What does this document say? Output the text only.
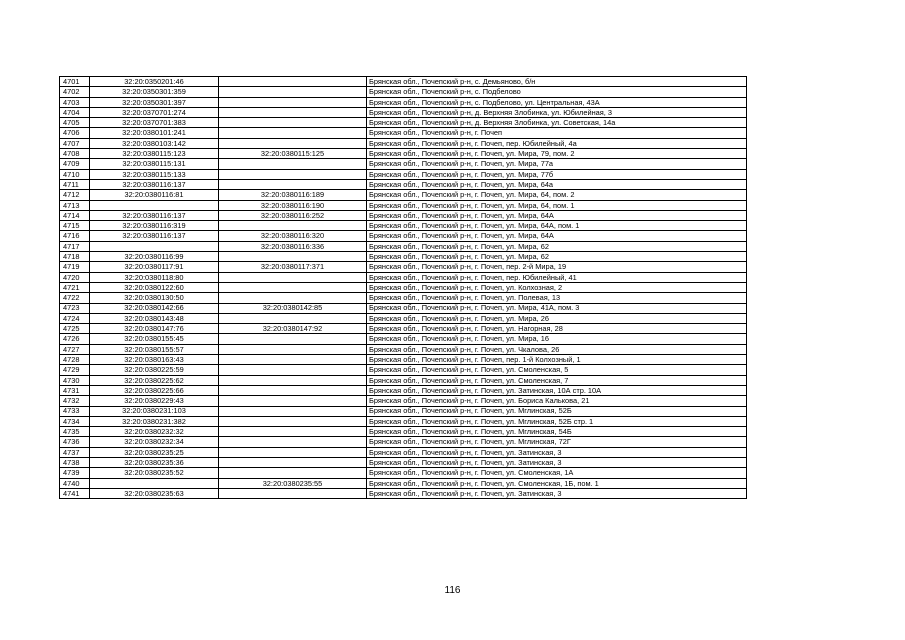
4701	32:20:0350201:46		Брянская обл., Почепский р-н, с. Демьяново, б/н
4702	32:20:0350301:359		Брянская обл., Почепский р-н, с. Подбелово
4703	32:20:0350301:397		Брянская обл., Почепский р-н, с. Подбелово, ул. Центральная, 43А
4704	32:20:0370701:274		Брянская обл., Почепский р-н, д. Верхняя Злобинка, ул. Юбилейная, 3
4705	32:20:0370701:383		Брянская обл., Почепский р-н, д. Верхняя Злобинка, ул. Советская, 14а
4706	32:20:0380101:241		Брянская обл., Почепский р-н, г. Почеп
4707	32:20:0380103:142		Брянская обл., Почепский р-н, г. Почеп, пер. Юбилейный, 4а
4708	32:20:0380115:123	32:20:0380115:125	Брянская обл., Почепский р-н, г. Почеп, ул. Мира, 79, пом. 2
4709	32:20:0380115:131		Брянская обл., Почепский р-н, г. Почеп, ул. Мира, 77а
4710	32:20:0380115:133		Брянская обл., Почепский р-н, г. Почеп, ул. Мира, 77б
4711	32:20:0380116:137		Брянская обл., Почепский р-н, г. Почеп, ул. Мира, 64а
4712	32:20:0380116:81	32:20:0380116:189	Брянская обл., Почепский р-н, г. Почеп, ул. Мира, 64, пом. 2
4713		32:20:0380116:190	Брянская обл., Почепский р-н, г. Почеп, ул. Мира, 64, пом. 1
4714	32:20:0380116:137	32:20:0380116:252	Брянская обл., Почепский р-н, г. Почеп, ул. Мира, 64А
4715	32:20:0380116:319		Брянская обл., Почепский р-н, г. Почеп, ул. Мира, 64А, пом. 1
4716	32:20:0380116:137	32:20:0380116:320	Брянская обл., Почепский р-н, г. Почеп, ул. Мира, 64А
4717		32:20:0380116:336	Брянская обл., Почепский р-н, г. Почеп, ул. Мира, 62
4718	32:20:0380116:99		Брянская обл., Почепский р-н, г. Почеп, ул. Мира, 62
4719	32:20:0380117:91	32:20:0380117:371	Брянская обл., Почепский р-н, г. Почеп, пер. 2-й Мира, 19
4720	32:20:0380118:80		Брянская обл., Почепский р-н, г. Почеп, пер. Юбилейный, 41
4721	32:20:0380122:60		Брянская обл., Почепский р-н, г. Почеп, ул. Колхозная, 2
4722	32:20:0380130:50		Брянская обл., Почепский р-н, г. Почеп, ул. Полевая, 13
4723	32:20:0380142:66	32:20:0380142:85	Брянская обл., Почепский р-н, г. Почеп, ул. Мира, 41А, пом. 3
4724	32:20:0380143:48		Брянская обл., Почепский р-н, г. Почеп, ул. Мира, 26
4725	32:20:0380147:76	32:20:0380147:92	Брянская обл., Почепский р-н, г. Почеп, ул. Нагорная, 28
4726	32:20:0380155:45		Брянская обл., Почепский р-н, г. Почеп, ул. Мира, 16
4727	32:20:0380155:57		Брянская обл., Почепский р-н, г. Почеп, ул. Чкалова, 26
4728	32:20:0380163:43		Брянская обл., Почепский р-н, г. Почеп, пер. 1-й Колхозный, 1
4729	32:20:0380225:59		Брянская обл., Почепский р-н, г. Почеп, ул. Смоленская, 5
4730	32:20:0380225:62		Брянская обл., Почепский р-н, г. Почеп, ул. Смоленская, 7
4731	32:20:0380225:66		Брянская обл., Почепский р-н, г. Почеп, ул. Затинская, 10А стр. 10А
4732	32:20:0380229:43		Брянская обл., Почепский р-н, г. Почеп, ул. Бориса Калькова, 21
4733	32:20:0380231:103		Брянская обл., Почепский р-н, г. Почеп, ул. Мглинская, 52Б
4734	32:20:0380231:382		Брянская обл., Почепский р-н, г. Почеп, ул. Мглинская, 52Б стр. 1
4735	32:20:0380232:32		Брянская обл., Почепский р-н, г. Почеп, ул. Мглинская, 54Б
4736	32:20:0380232:34		Брянская обл., Почепский р-н, г. Почеп, ул. Мглинская, 72Г
4737	32:20:0380235:25		Брянская обл., Почепский р-н, г. Почеп, ул. Затинская, 3
4738	32:20:0380235:36		Брянская обл., Почепский р-н, г. Почеп, ул. Затинская, 3
4739	32:20:0380235:52		Брянская обл., Почепский р-н, г. Почеп, ул. Смоленская, 1А
4740		32:20:0380235:55	Брянская обл., Почепский р-н, г. Почеп, ул. Смоленская, 1Б, пом. 1
4741	32:20:0380235:63		Брянская обл., Почепский р-н, г. Почеп, ул. Затинская, 3
116
